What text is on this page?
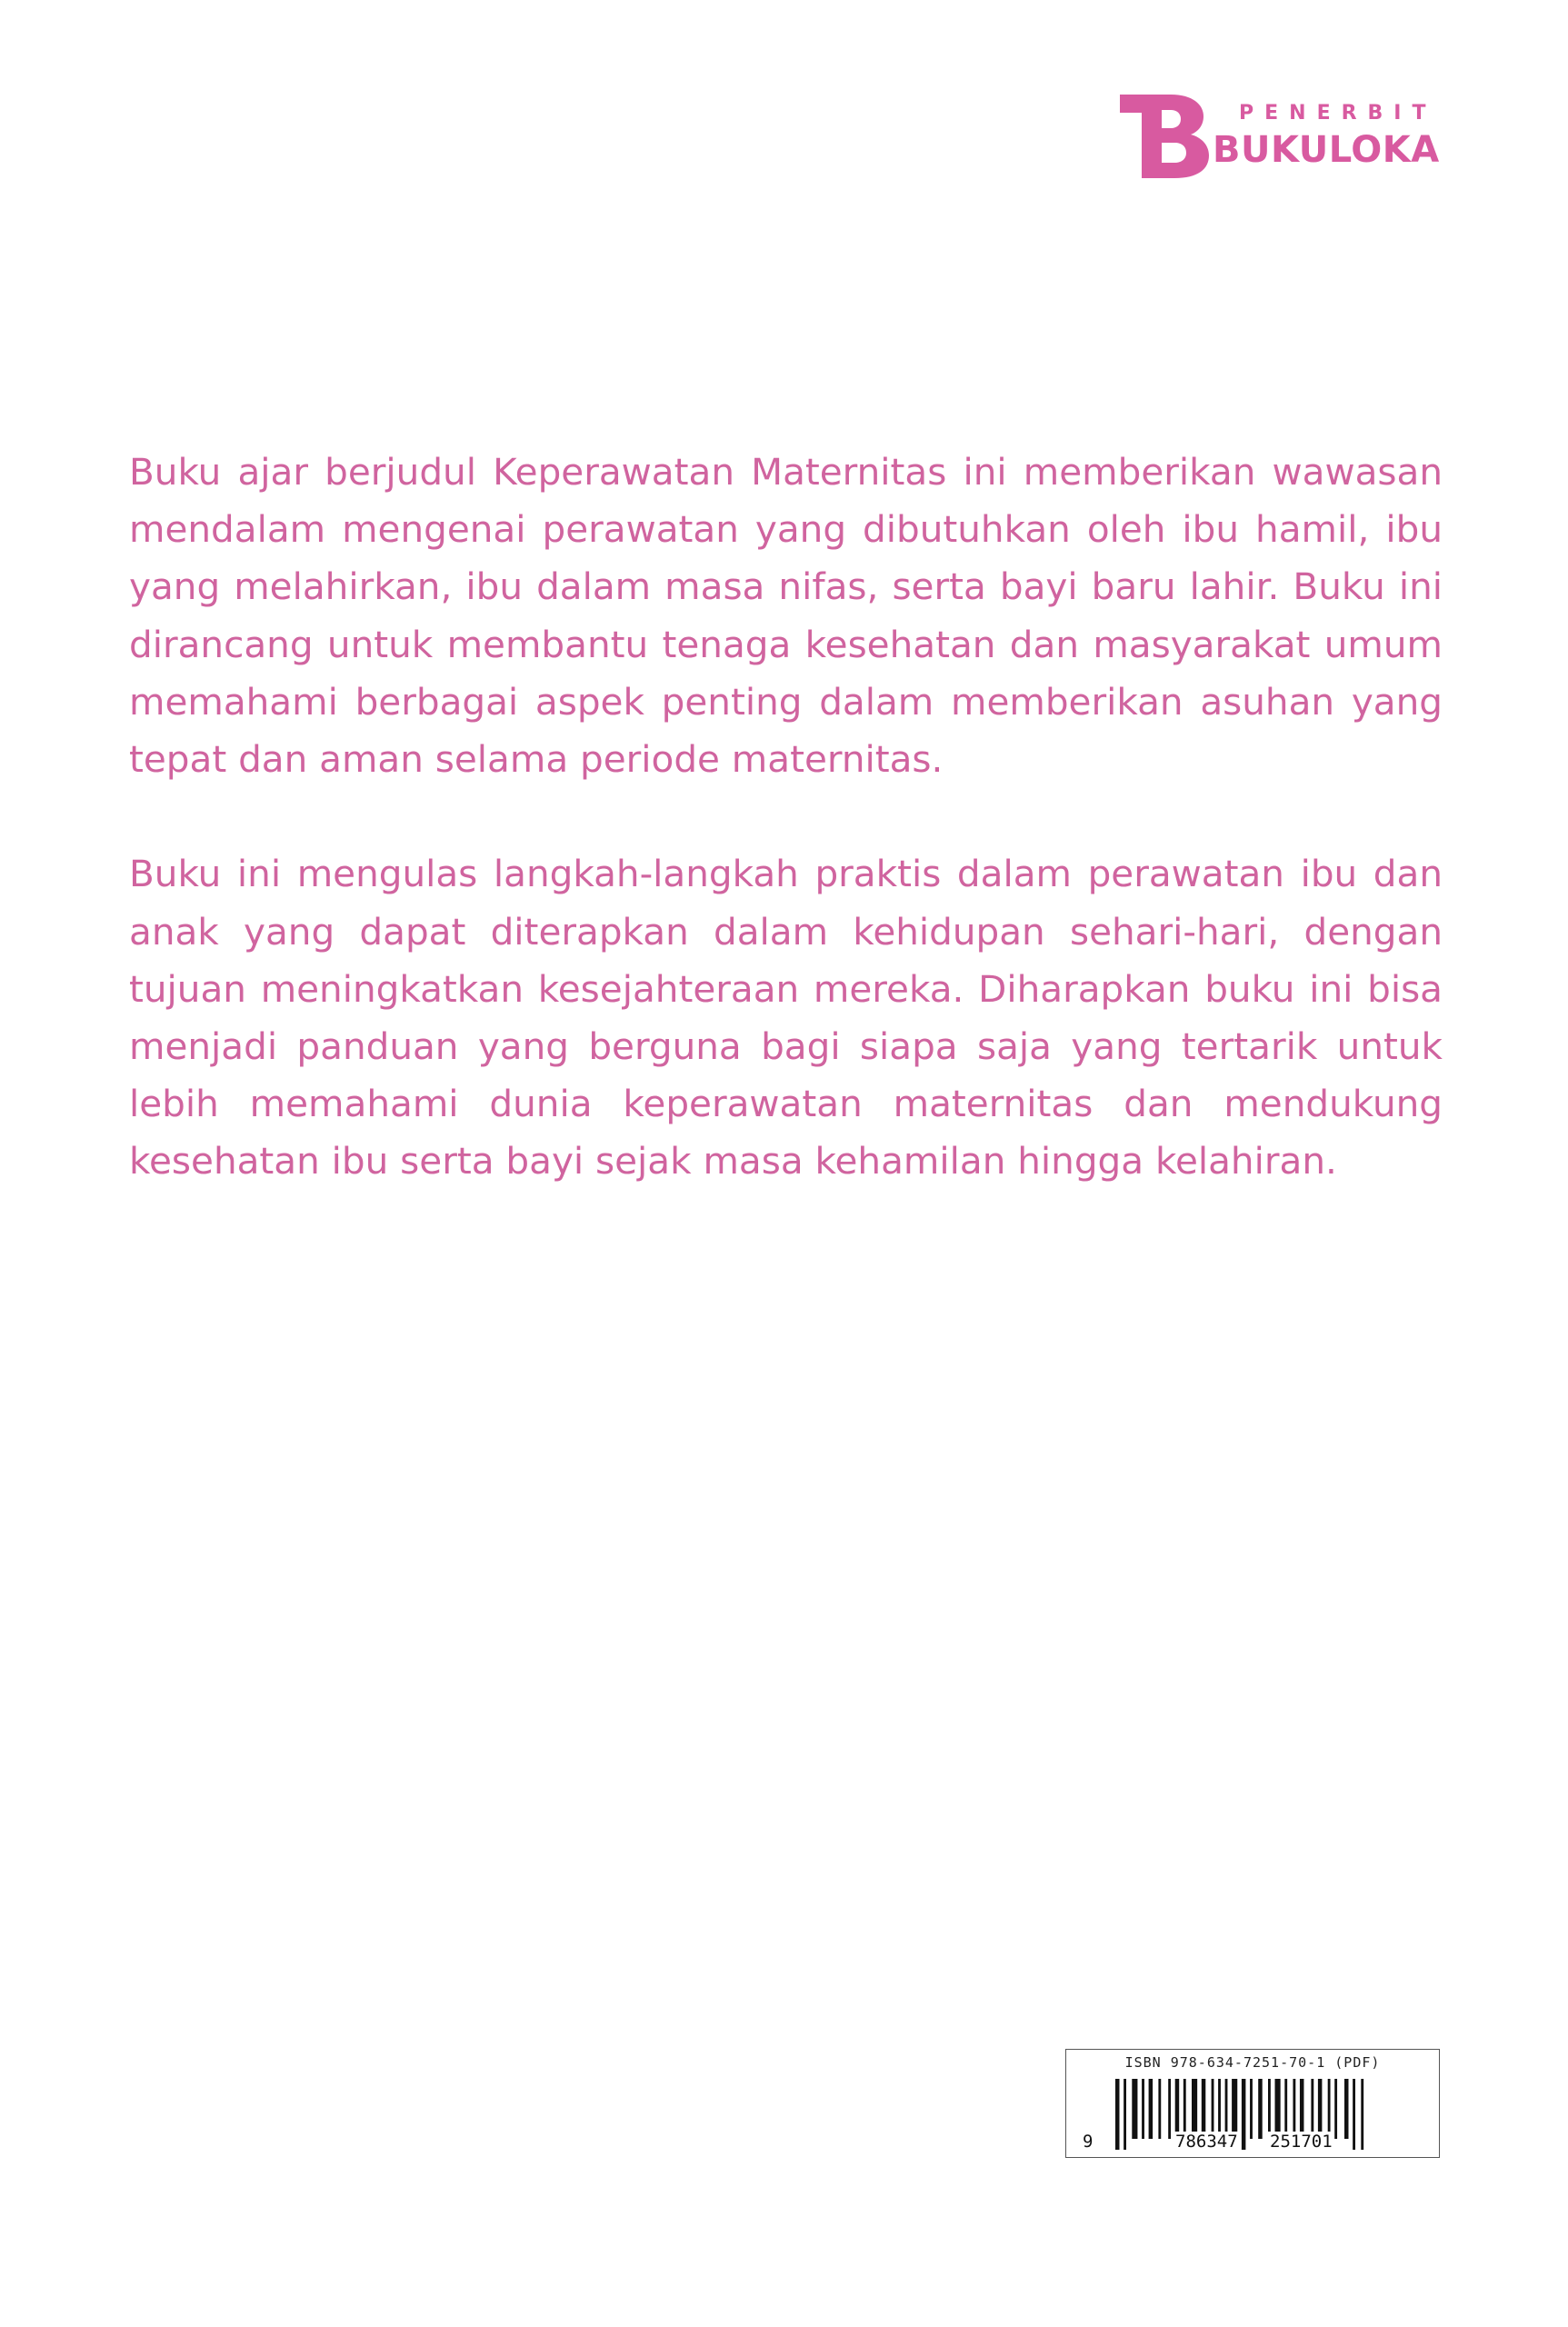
PENERBIT
BUKULOKA

Buku ajar berjudul Keperawatan Maternitas ini memberikan wawasan mendalam mengenai perawatan yang dibutuhkan oleh ibu hamil, ibu yang melahirkan, ibu dalam masa nifas, serta bayi baru lahir. Buku ini dirancang untuk membantu tenaga kesehatan dan masyarakat umum memahami berbagai aspek penting dalam memberikan asuhan yang tepat dan aman selama periode maternitas.

Buku ini mengulas langkah-langkah praktis dalam perawatan ibu dan anak yang dapat diterapkan dalam kehidupan sehari-hari, dengan tujuan meningkatkan kesejahteraan mereka. Diharapkan buku ini bisa menjadi panduan yang berguna bagi siapa saja yang tertarik untuk lebih memahami dunia keperawatan maternitas dan mendukung kesehatan ibu serta bayi sejak masa kehamilan hingga kelahiran.

ISBN 978-634-7251-70-1 (PDF)
9	786347 251701
